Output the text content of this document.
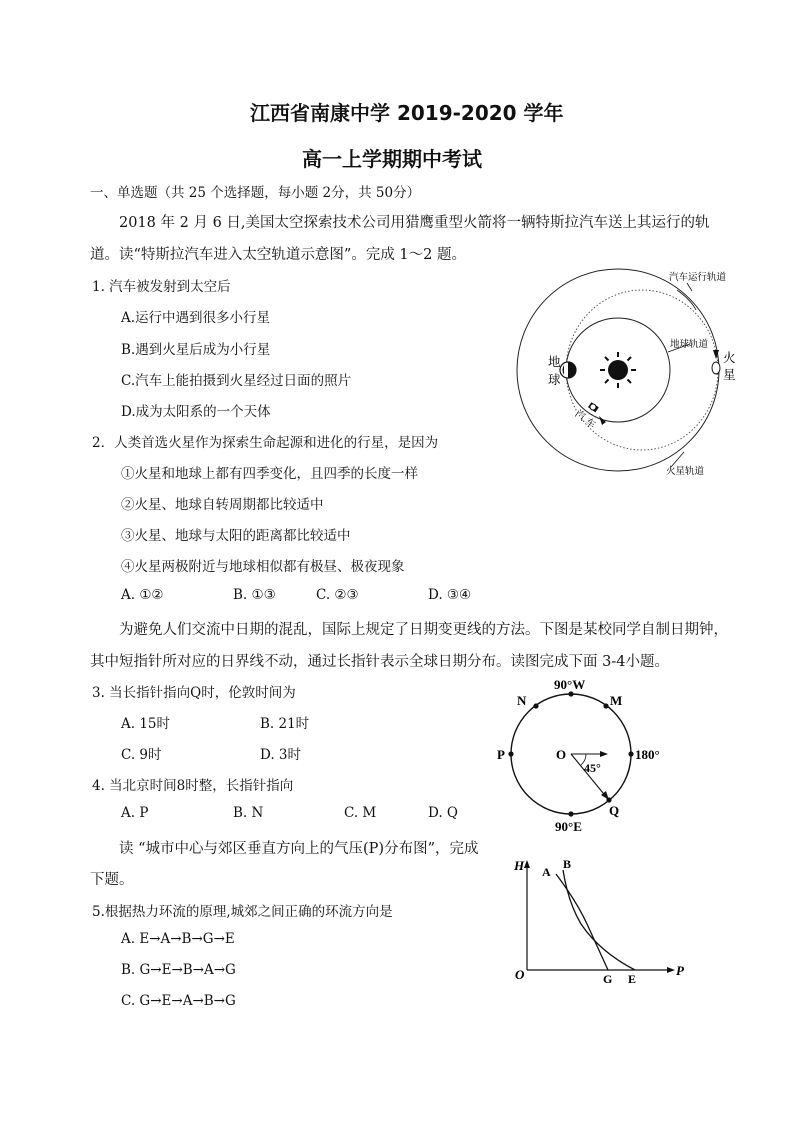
江西省南康中学 2019-2020 学年
高一上学期期中考试
一、单选题（共 25 个选择题，每小题 2分，共 50分）
2018 年 2 月 6 日,美国太空探索技术公司用猎鹰重型火箭将一辆特斯拉汽车送上其运行的轨
道。读“特斯拉汽车进入太空轨道示意图”。完成 1～2 题。
1. 汽车被发射到太空后
A.运行中遇到很多小行星
B.遇到火星后成为小行星
C.汽车上能拍摄到火星经过日面的照片
D.成为太阳系的一个天体
2．人类首选火星作为探索生命起源和进化的行星，是因为
①火星和地球上都有四季变化，且四季的长度一样
②火星、地球自转周期都比较适中
③火星、地球与太阳的距离都比较适中
④火星两极附近与地球相似都有极昼、极夜现象
A. ①②	B. ①③	C. ②③	D. ③④
汽车运行轨道
地球轨道
火星轨道
地
球
火
星
汽
车
为避免人们交流中日期的混乱，国际上规定了日期变更线的方法。下图是某校同学自制日期钟，
其中短指针所对应的日界线不动，通过长指针表示全球日期分布。读图完成下面 3-4小题。
3. 当长指针指向Q时，伦敦时间为
A. 15时	B. 21时
C. 9时	D. 3时
4. 当北京时间8时整，长指针指向
A. P	B. N	C. M	D. Q
90°W
N	M
P	180°
O
45°
Q
90°E
读 “城市中心与郊区垂直方向上的气压(P)分布图”，完成
下题。
5.根据热力环流的原理,城郊之间正确的环流方向是
A. E→A→B→G→E
B. G→E→B→A→G
C. G→E→A→B→G
H
P
O
A
B
G E
